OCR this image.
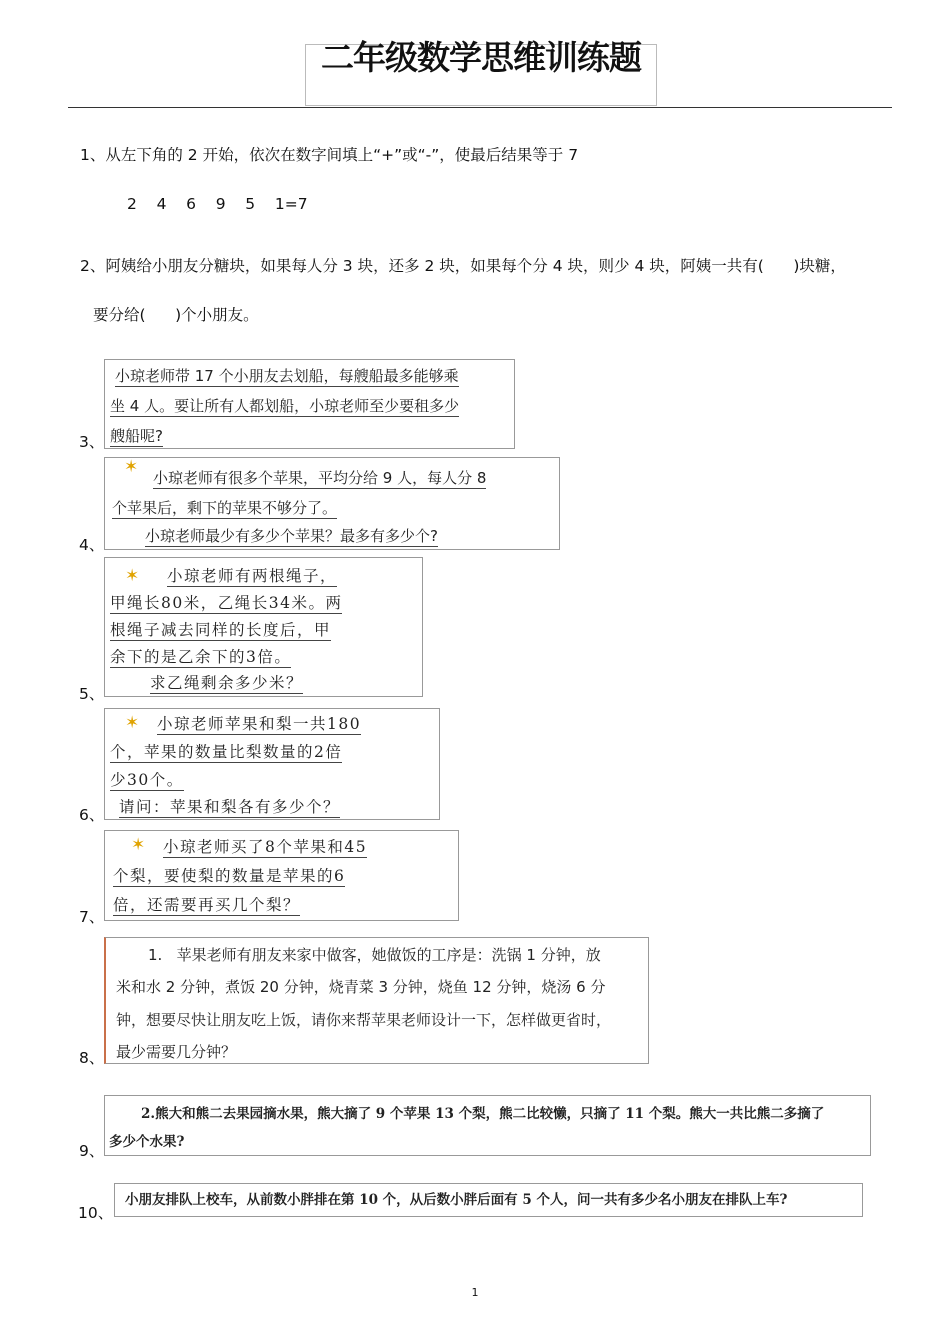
二年级数学思维训练题
1、从左下角的 2 开始，依次在数字间填上“+”或“-”，使最后结果等于 7
2    4    6    9    5    1=7
2、阿姨给小朋友分糖块，如果每人分 3 块，还多 2 块，如果每个分 4 块，则少 4 块，阿姨一共有(      )块糖，
要分给(      )个小朋友。
3、
小琼老师带 17 个小朋友去划船，每艘船最多能够乘
坐 4 人。要让所有人都划船，小琼老师至少要租多少
艘船呢?
4、
✶
小琼老师有很多个苹果，平均分给 9 人，每人分 8
个苹果后，剩下的苹果不够分了。
小琼老师最少有多少个苹果？最多有多少个?
5、
✶ 小琼老师有两根绳子，
甲绳长80米，乙绳长34米。两
根绳子减去同样的长度后，甲
余下的是乙余下的3倍。
求乙绳剩余多少米？
6、
✶ 小琼老师苹果和梨一共180
个，苹果的数量比梨数量的2倍
少30个。
请问：苹果和梨各有多少个？
7、
✶ 小琼老师买了8个苹果和45
个梨，要使梨的数量是苹果的6
倍，还需要再买几个梨？
8、
1.   苹果老师有朋友来家中做客，她做饭的工序是：洗锅 1 分钟，放
米和水 2 分钟，煮饭 20 分钟，烧青菜 3 分钟，烧鱼 12 分钟，烧汤 6 分
钟，想要尽快让朋友吃上饭，请你来帮苹果老师设计一下，怎样做更省时，
最少需要几分钟？
9、
2.熊大和熊二去果园摘水果，熊大摘了 9 个苹果 13 个梨，熊二比较懒，只摘了 11 个梨。熊大一共比熊二多摘了
多少个水果?
10、
小朋友排队上校车，从前数小胖排在第 10 个，从后数小胖后面有 5 个人，问一共有多少名小朋友在排队上车?
1
